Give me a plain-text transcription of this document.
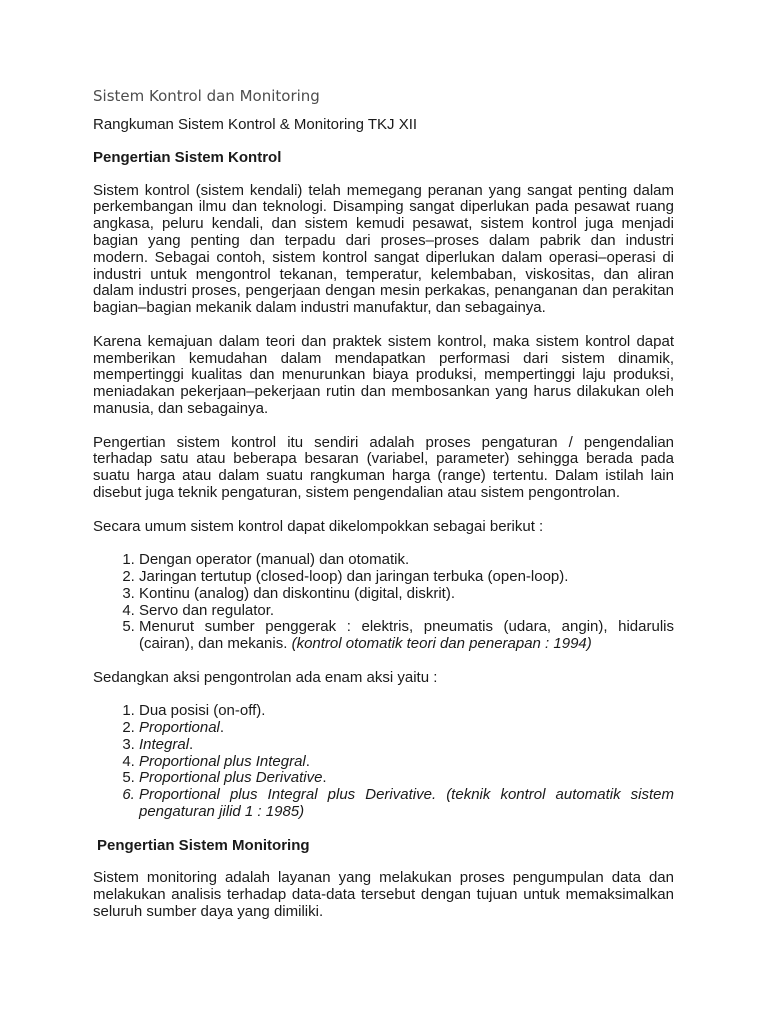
Sistem Kontrol dan Monitoring
Rangkuman Sistem Kontrol & Monitoring TKJ XII
Pengertian Sistem Kontrol

Sistem kontrol (sistem kendali) telah memegang peranan yang sangat penting dalam perkembangan ilmu dan teknologi. Disamping sangat diperlukan pada pesawat ruang angkasa, peluru kendali, dan sistem kemudi pesawat, sistem kontrol juga menjadi bagian yang penting dan terpadu dari proses–proses dalam pabrik dan industri modern. Sebagai contoh, sistem kontrol sangat diperlukan dalam operasi–operasi di industri untuk mengontrol tekanan, temperatur, kelembaban, viskositas, dan aliran dalam industri proses, pengerjaan dengan mesin perkakas, penanganan dan perakitan bagian–bagian mekanik dalam industri manufaktur, dan sebagainya.

Karena kemajuan dalam teori dan praktek sistem kontrol, maka sistem kontrol dapat memberikan kemudahan dalam mendapatkan performasi dari sistem dinamik, mempertinggi kualitas dan menurunkan biaya produksi, mempertinggi laju produksi, meniadakan pekerjaan–pekerjaan rutin dan membosankan yang harus dilakukan oleh manusia, dan sebagainya.

Pengertian sistem kontrol itu sendiri adalah proses pengaturan / pengendalian terhadap satu atau beberapa besaran (variabel, parameter) sehingga berada pada suatu harga atau dalam suatu rangkuman harga (range) tertentu. Dalam istilah lain disebut juga teknik pengaturan, sistem pengendalian atau sistem pengontrolan.

Secara umum sistem kontrol dapat dikelompokkan sebagai berikut :

1. Dengan operator (manual) dan otomatik.
2. Jaringan tertutup (closed-loop) dan jaringan terbuka (open-loop).
3. Kontinu (analog) dan diskontinu (digital, diskrit).
4. Servo dan regulator.
5. Menurut sumber penggerak : elektris, pneumatis (udara, angin), hidarulis (cairan), dan mekanis. (kontrol otomatik teori dan penerapan : 1994)

Sedangkan aksi pengontrolan ada enam aksi yaitu :

1. Dua posisi (on-off).
2. Proportional.
3. Integral.
4. Proportional plus Integral.
5. Proportional plus Derivative.
6. Proportional plus Integral plus Derivative. (teknik kontrol automatik sistem pengaturan jilid 1 : 1985)
Pengertian Sistem Monitoring

Sistem monitoring adalah layanan yang melakukan proses pengumpulan data dan melakukan analisis terhadap data-data tersebut dengan tujuan untuk memaksimalkan seluruh sumber daya yang dimiliki.
